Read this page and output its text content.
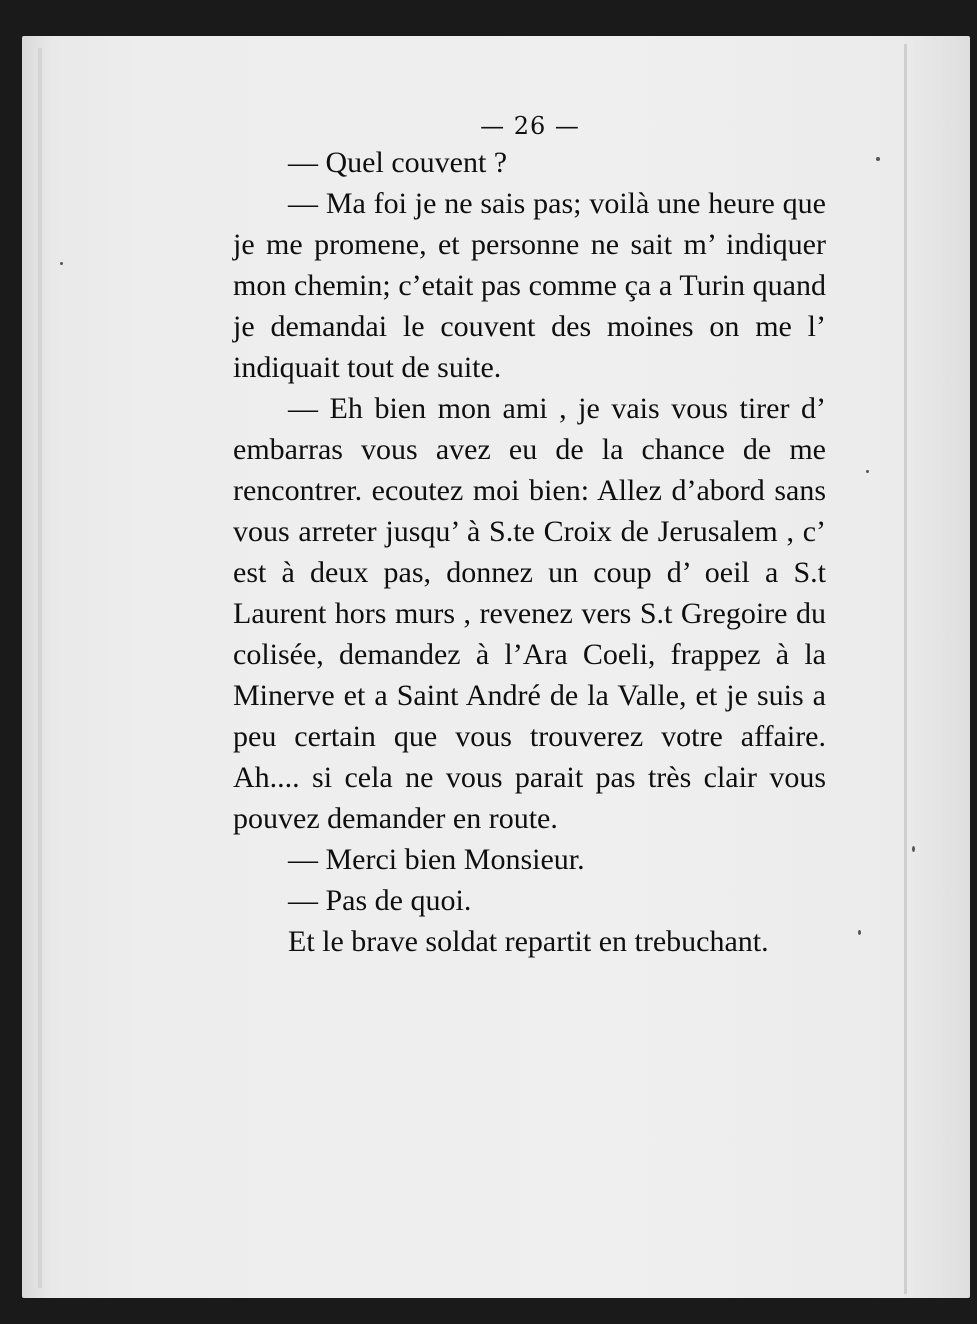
— 26 —

— Quel couvent ?

— Ma foi je ne sais pas; voilà une heure que je me promene, et personne ne sait m’ indiquer mon chemin; c’etait pas comme ça a Turin quand je demandai le couvent des moines on me l’ indiquait tout de suite.

— Eh bien mon ami , je vais vous tirer d’ embarras vous avez eu de la chance de me rencontrer. ecoutez moi bien: Allez d’abord sans vous arreter jusqu’ à S.te Croix de Jerusalem , c’ est à deux pas, donnez un coup d’ oeil a S.t Laurent hors murs , revenez vers S.t Gregoire du colisée, demandez à l’Ara Coeli, frappez à la Minerve et a Saint André de la Valle, et je suis a peu certain que vous trouverez votre affaire. Ah.... si cela ne vous parait pas très clair vous pouvez demander en route.

— Merci bien Monsieur.

— Pas de quoi.

Et le brave soldat repartit en trebuchant.
